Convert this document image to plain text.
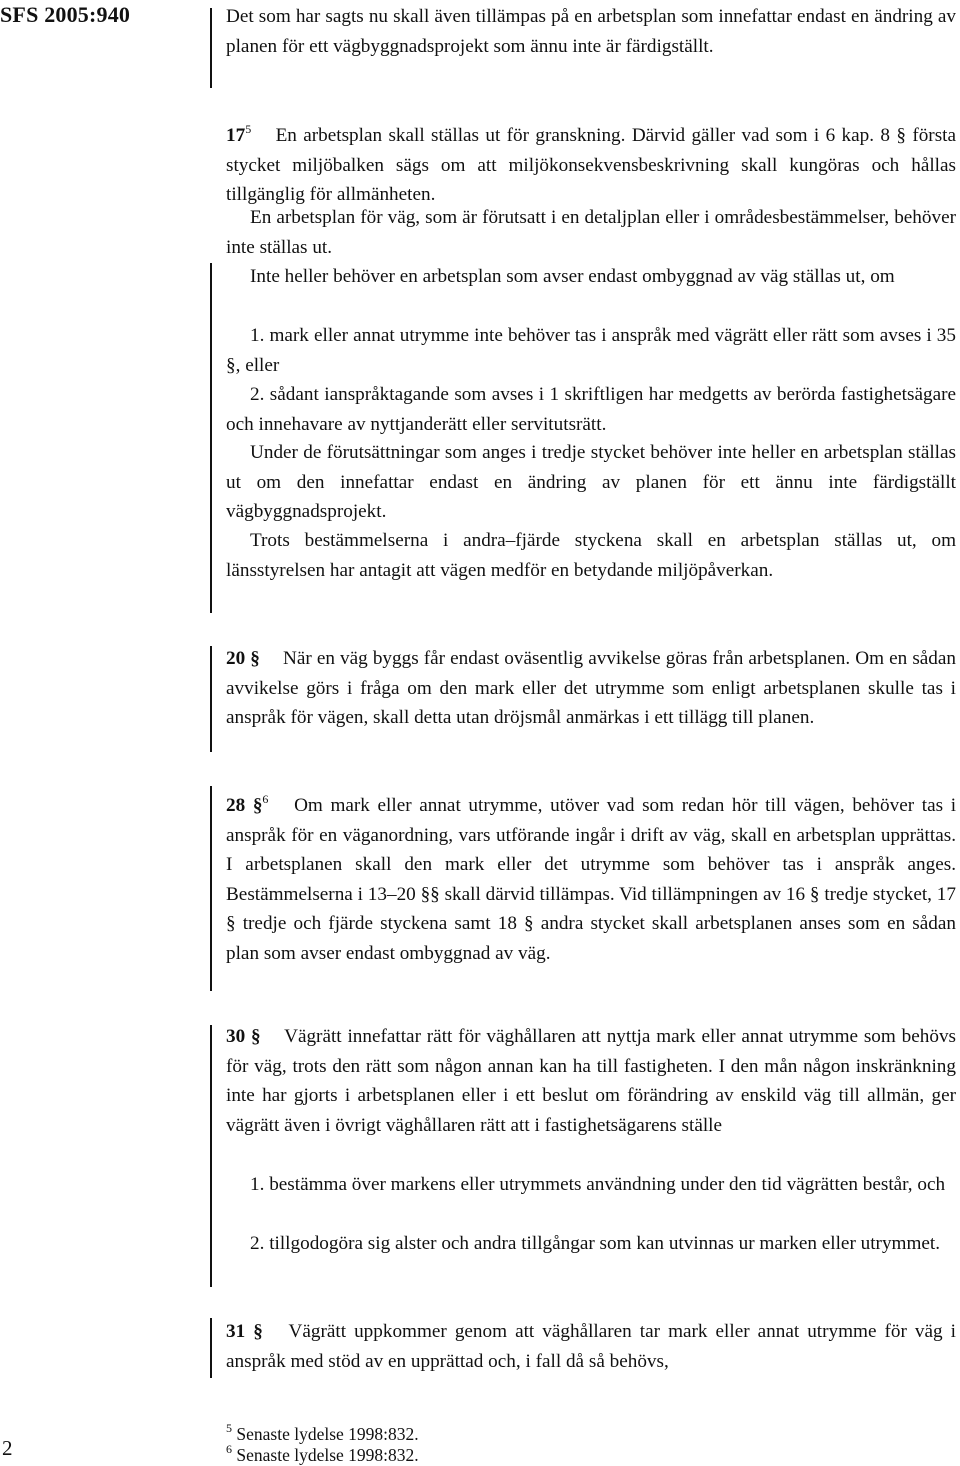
SFS 2005:940
2

Det som har sagts nu skall även tillämpas på en arbetsplan som innefattar endast en ändring av planen för ett vägbyggnadsprojekt som ännu inte är färdigställt.

$17^5$ En arbetsplan skall ställas ut för granskning. Därvid gäller vad som i 6 kap. 8 § första stycket miljöbalken sägs om att miljökonsekvensbeskrivning skall kungöras och hållas tillgänglig för allmänheten.

En arbetsplan för väg, som är förutsatt i en detaljplan eller i områdesbestämmelser, behöver inte ställas ut.

Inte heller behöver en arbetsplan som avser endast ombyggnad av väg ställas ut, om

1. mark eller annat utrymme inte behöver tas i anspråk med vägrätt eller rätt som avses i 35 §, eller

2. sådant ianspråktagande som avses i 1 skriftligen har medgetts av berörda fastighetsägare och innehavare av nyttjanderätt eller servitutsrätt.

Under de förutsättningar som anges i tredje stycket behöver inte heller en arbetsplan ställas ut om den innefattar endast en ändring av planen för ett ännu inte färdigställt vägbyggnadsprojekt.

Trots bestämmelserna i andra–fjärde styckena skall en arbetsplan ställas ut, om länsstyrelsen har antagit att vägen medför en betydande miljöpåverkan.

20 § När en väg byggs får endast oväsentlig avvikelse göras från arbetsplanen. Om en sådan avvikelse görs i fråga om den mark eller det utrymme som enligt arbetsplanen skulle tas i anspråk för vägen, skall detta utan dröjsmål anmärkas i ett tillägg till planen.

28 §$^6$ Om mark eller annat utrymme, utöver vad som redan hör till vägen, behöver tas i anspråk för en väganordning, vars utförande ingår i drift av väg, skall en arbetsplan upprättas. I arbetsplanen skall den mark eller det utrymme som behöver tas i anspråk anges. Bestämmelserna i 13–20 §§ skall därvid tillämpas. Vid tillämpningen av 16 § tredje stycket, 17 § tredje och fjärde styckena samt 18 § andra stycket skall arbetsplanen anses som en sådan plan som avser endast ombyggnad av väg.

30 § Vägrätt innefattar rätt för väghållaren att nyttja mark eller annat utrymme som behövs för väg, trots den rätt som någon annan kan ha till fastigheten. I den mån någon inskränkning inte har gjorts i arbetsplanen eller i ett beslut om förändring av enskild väg till allmän, ger vägrätt även i övrigt väghållaren rätt att i fastighetsägarens ställe

1. bestämma över markens eller utrymmets användning under den tid vägrätten består, och

2. tillgodogöra sig alster och andra tillgångar som kan utvinnas ur marken eller utrymmet.

31 § Vägrätt uppkommer genom att väghållaren tar mark eller annat utrymme för väg i anspråk med stöd av en upprättad och, i fall då så behövs,

$^5$ Senaste lydelse 1998:832.
$^6$ Senaste lydelse 1998:832.
